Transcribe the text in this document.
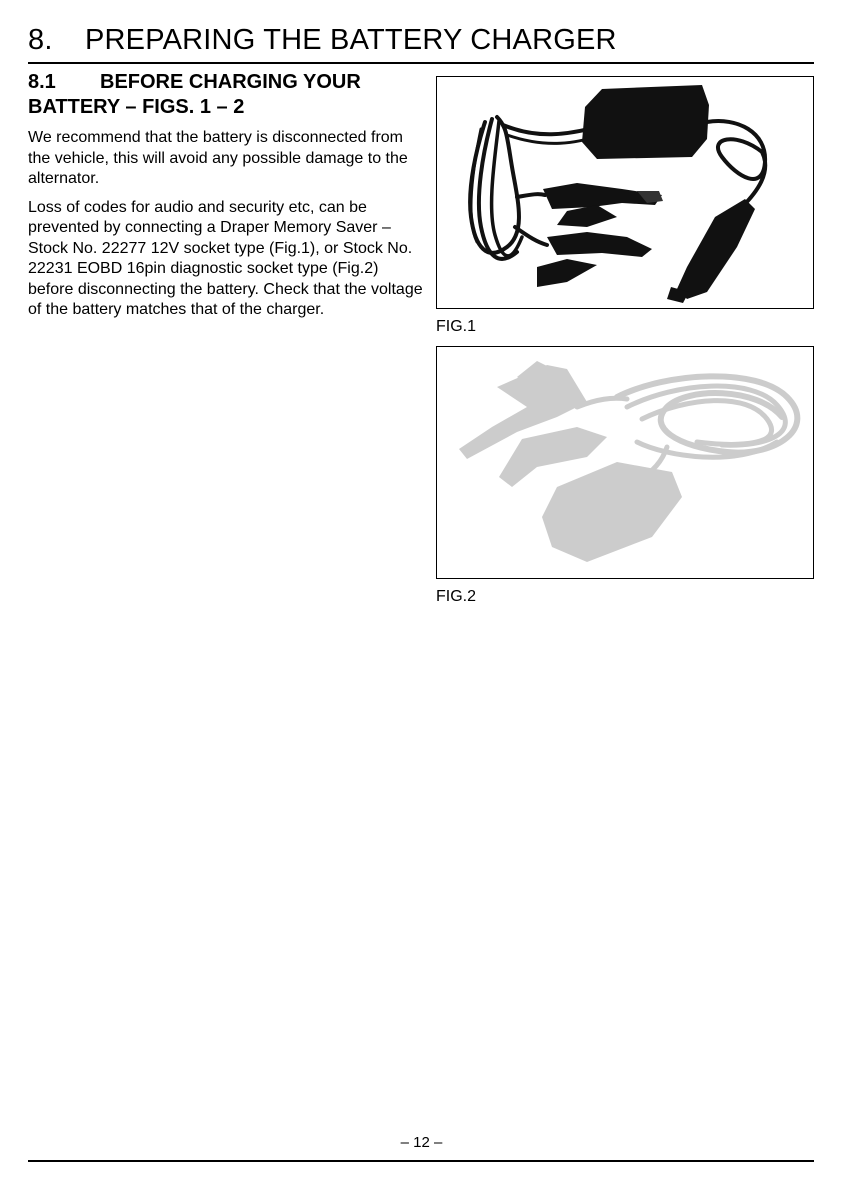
8. PREPARING THE BATTERY CHARGER
8.1 BEFORE CHARGING YOUR
BATTERY – FIGS. 1 – 2

We recommend that the battery is disconnected from the vehicle, this will avoid any possible damage to the alternator.

Loss of codes for audio and security etc, can be prevented by connecting a Draper Memory Saver – Stock No. 22277 12V socket type (Fig.1), or Stock No. 22231 EOBD 16pin diagnostic socket type (Fig.2) before disconnecting the battery. Check that the voltage of the battery matches that of the charger.

FIG.1
FIG.2
– 12 –
